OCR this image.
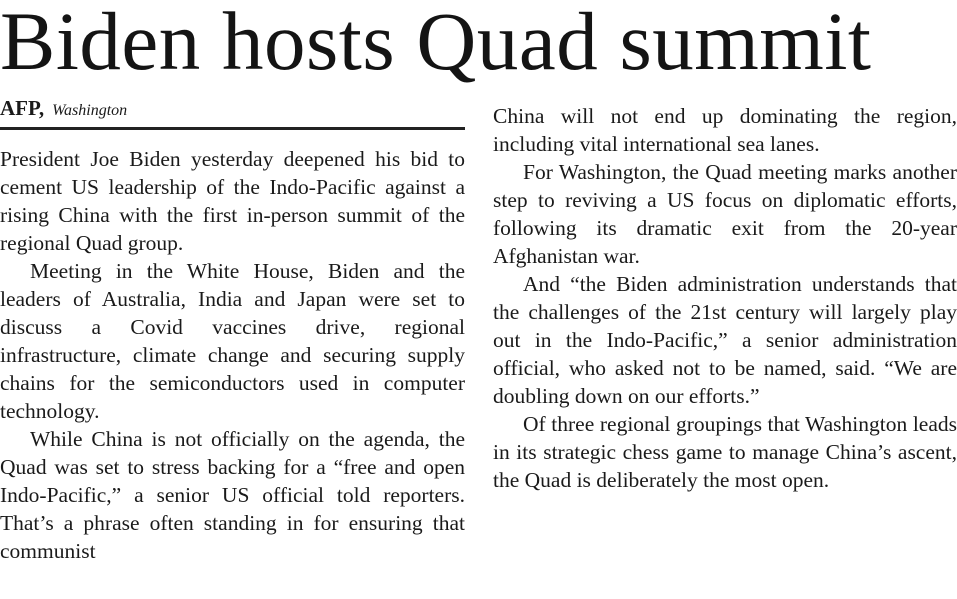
Biden hosts Quad summit
AFP, Washington

President Joe Biden yesterday deepened his bid to cement US leadership of the Indo-Pacific against a rising China with the first in-person summit of the regional Quad group.

Meeting in the White House, Biden and the leaders of Australia, India and Japan were set to discuss a Covid vaccines drive, regional infrastructure, climate change and securing supply chains for the semiconductors used in computer technology.

While China is not officially on the agenda, the Quad was set to stress backing for a “free and open Indo-Pacific,” a senior US official told reporters. That’s a phrase often standing in for ensuring that communist

China will not end up dominating the region, including vital international sea lanes.

For Washington, the Quad meeting marks another step to reviving a US focus on diplomatic efforts, following its dramatic exit from the 20-year Afghanistan war.

And “the Biden administration understands that the challenges of the 21st century will largely play out in the Indo-Pacific,” a senior administration official, who asked not to be named, said. “We are doubling down on our efforts.”

Of three regional groupings that Washington leads in its strategic chess game to manage China’s ascent, the Quad is deliberately the most open.
